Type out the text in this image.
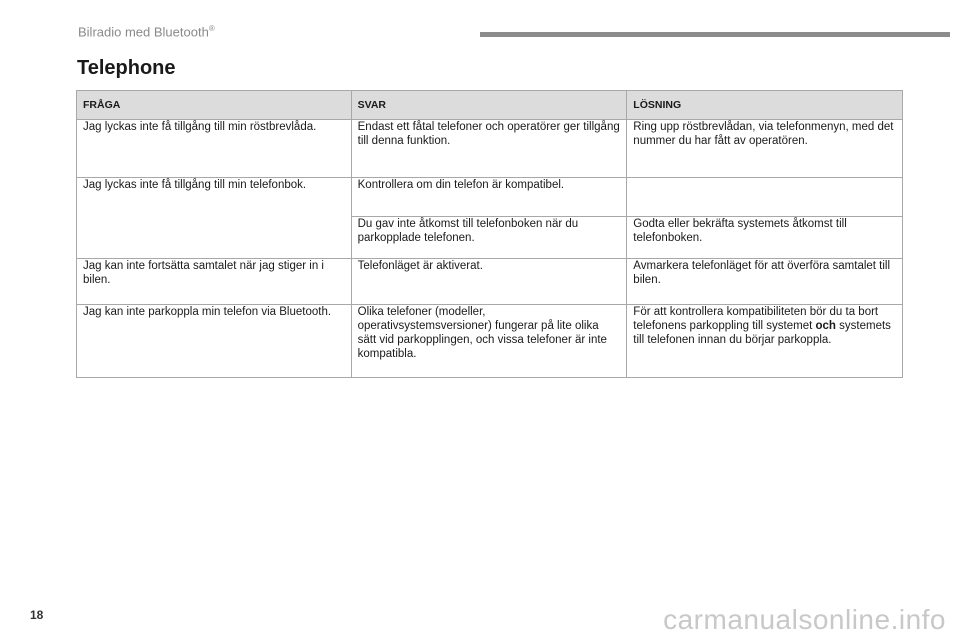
Bilradio med Bluetooth®
Telephone
FRÅGA	SVAR	LÖSNING
Jag lyckas inte få tillgång till min röstbrevlåda.	Endast ett fåtal telefoner och operatörer ger tillgång till denna funktion.	Ring upp röstbrevlådan, via telefonmenyn, med det nummer du har fått av operatören.
Jag lyckas inte få tillgång till min telefonbok.	Kontrollera om din telefon är kompatibel.	
	Du gav inte åtkomst till telefonboken när du parkopplade telefonen.	Godta eller bekräfta systemets åtkomst till telefonboken.
Jag kan inte fortsätta samtalet när jag stiger in i bilen.	Telefonläget är aktiverat.	Avmarkera telefonläget för att överföra samtalet till bilen.
Jag kan inte parkoppla min telefon via Bluetooth.	Olika telefoner (modeller, operativsystemsversioner) fungerar på lite olika sätt vid parkopplingen, och vissa telefoner är inte kompatibla.	För att kontrollera kompatibiliteten bör du ta bort telefonens parkoppling till systemet och systemets till telefonen innan du börjar parkoppla.
18	carmanualsonline.info
